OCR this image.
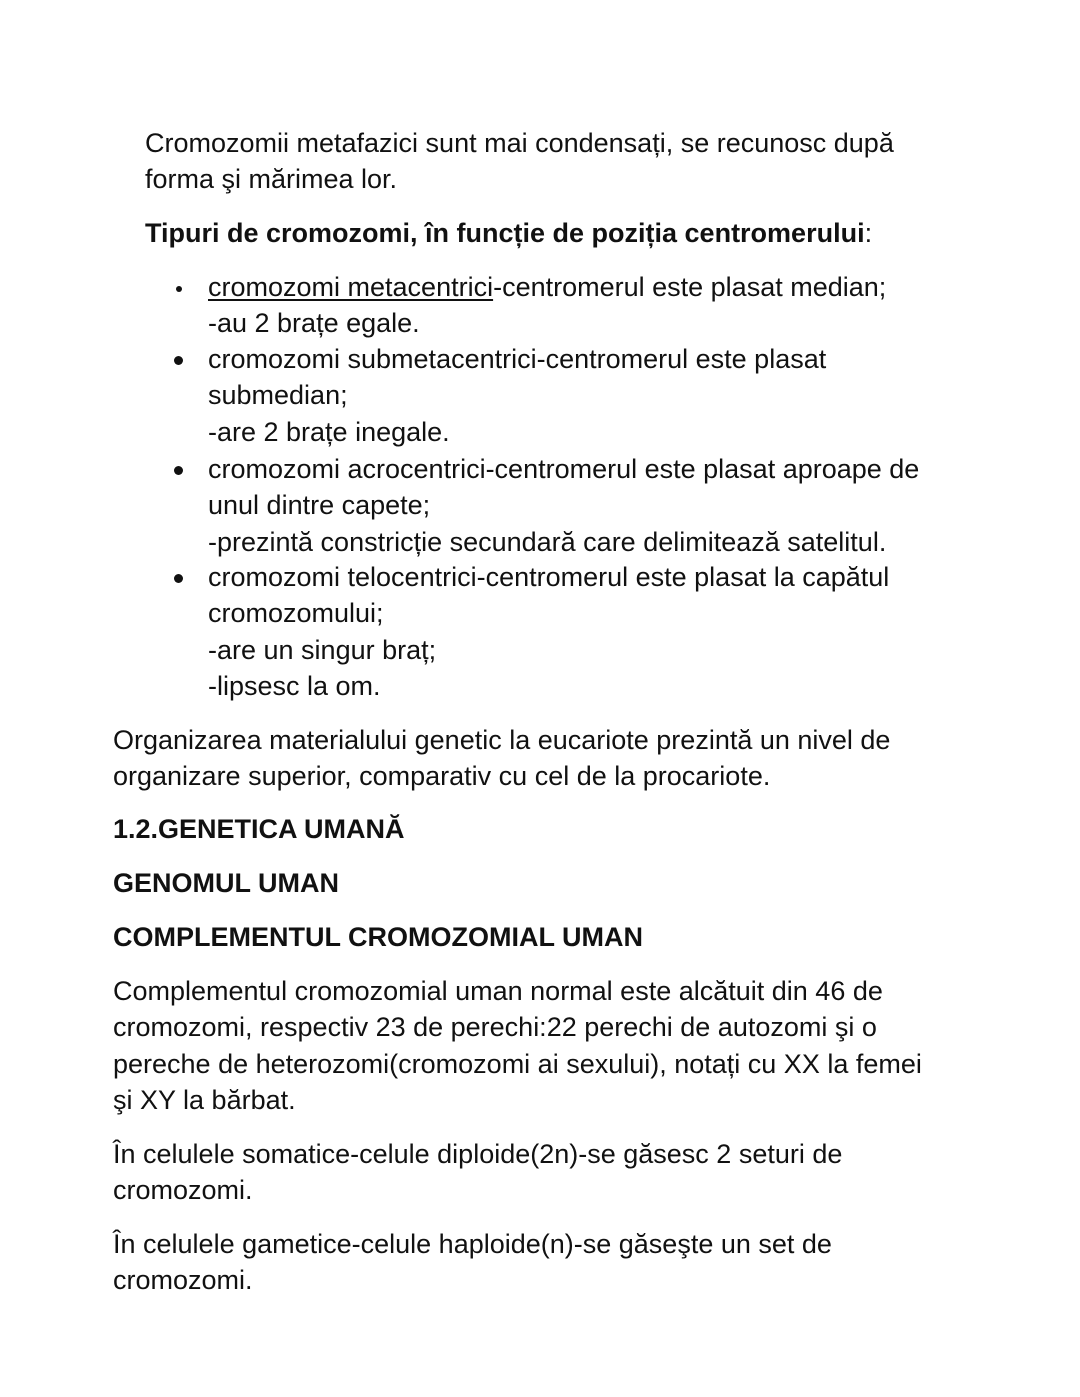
Cromozomii metafazici sunt mai condensați, se recunosc după
forma şi mărimea lor.

Tipuri de cromozomi, în funcție de poziția centromerului:

cromozomi metacentrici-centromerul este plasat median;
-au 2 brațe egale.

cromozomi submetacentrici-centromerul este plasat
submedian;
-are 2 brațe inegale.

cromozomi acrocentrici-centromerul este plasat aproape de
unul dintre capete;
-prezintă constricție secundară care delimitează satelitul.

cromozomi telocentrici-centromerul este plasat la capătul
cromozomului;
-are un singur braț;
-lipsesc la om.

Organizarea materialului genetic la eucariote prezintă un nivel de
organizare superior, comparativ cu cel de la procariote.

1.2.GENETICA UMANĂ

GENOMUL UMAN

COMPLEMENTUL CROMOZOMIAL UMAN

Complementul cromozomial uman normal este alcătuit din 46 de
cromozomi, respectiv 23 de perechi:22 perechi de autozomi şi o
pereche de heterozomi(cromozomi ai sexului), notați cu XX la femei
şi XY la bărbat.

În celulele somatice-celule diploide(2n)-se găsesc 2 seturi de
cromozomi.

În celulele gametice-celule haploide(n)-se găseşte un set de
cromozomi.
